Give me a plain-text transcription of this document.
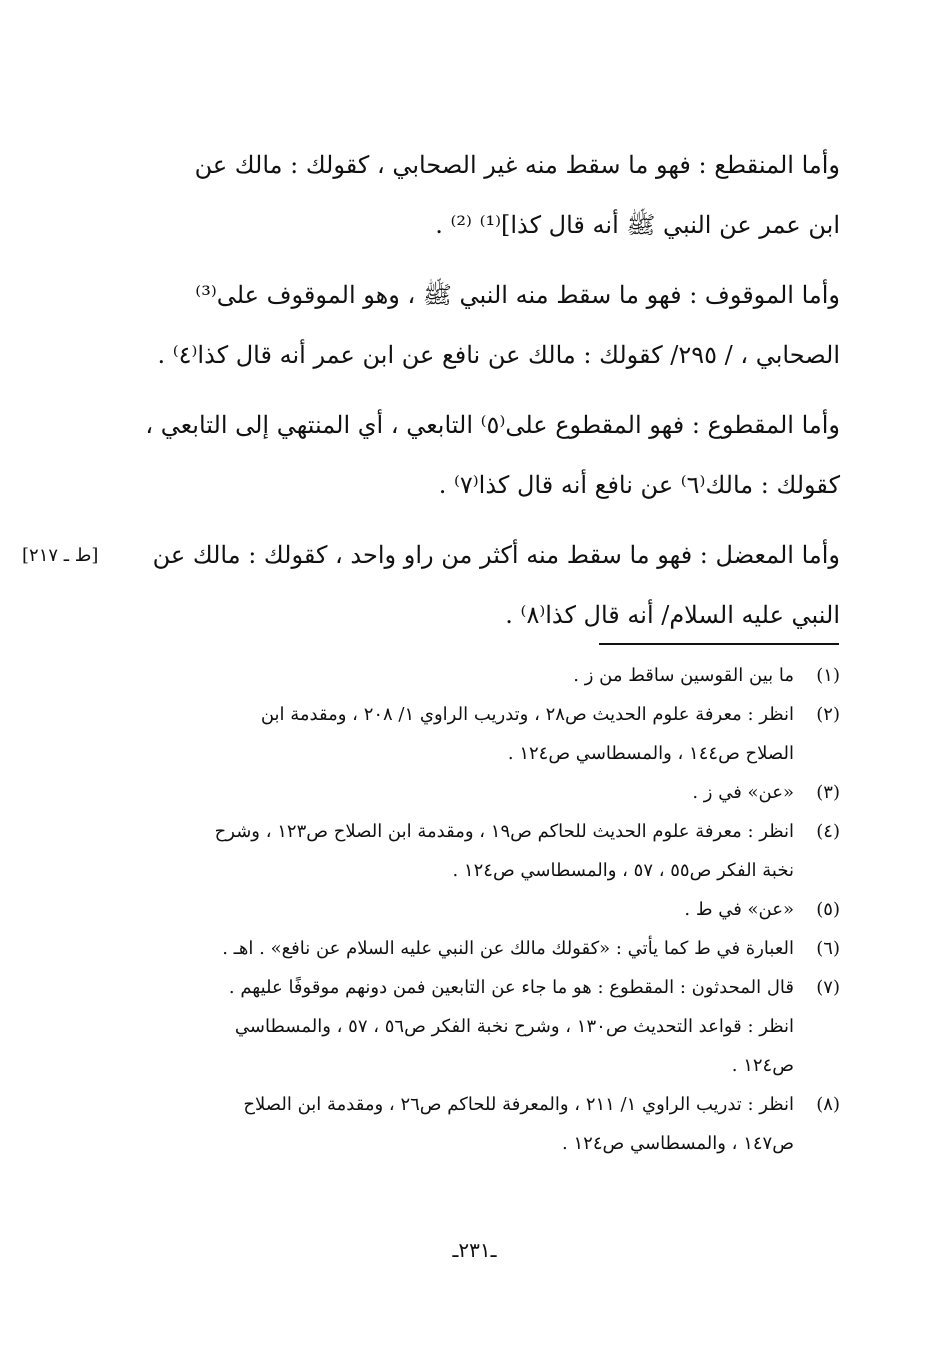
وأما المنقطع : فهو ما سقط منه غير الصحابي ، كقولك : مالك عن

ابن عمر عن النبي ﷺ أنه قال كذا]⁽¹⁾ ⁽²⁾ .

وأما الموقوف : فهو ما سقط منه النبي ﷺ ، وهو الموقوف على⁽³⁾

الصحابي ، / ٢٩٥/ كقولك : مالك عن نافع عن ابن عمر أنه قال كذا⁽٤⁾ .

وأما المقطوع : فهو المقطوع على⁽٥⁾ التابعي ، أي المنتهي إلى التابعي ،

كقولك : مالك⁽٦⁾ عن نافع أنه قال كذا⁽٧⁾ .

وأما المعضل : فهو ما سقط منه أكثر من راو واحد ، كقولك : مالك عن

النبي عليه السلام/ أنه قال كذا⁽٨⁾ .

[ط ـ ٢١٧]
(١)
ما بين القوسين ساقط من ز .
(٢)
انظر : معرفة علوم الحديث ص٢٨ ، وتدريب الراوي ١/ ٢٠٨ ، ومقدمة ابن
الصلاح ص١٤٤ ، والمسطاسي ص١٢٤ .
(٣)
«عن» في ز .
(٤)
انظر : معرفة علوم الحديث للحاكم ص١٩ ، ومقدمة ابن الصلاح ص١٢٣ ، وشرح
نخبة الفكر ص٥٥ ، ٥٧ ، والمسطاسي ص١٢٤ .
(٥)
«عن» في ط .
(٦)
العبارة في ط كما يأتي : «كقولك مالك عن النبي عليه السلام عن نافع» . اهـ .
(٧)
قال المحدثون : المقطوع : هو ما جاء عن التابعين فمن دونهم موقوفًا عليهم .
انظر : قواعد التحديث ص١٣٠ ، وشرح نخبة الفكر ص٥٦ ، ٥٧ ، والمسطاسي
ص١٢٤ .
(٨)
انظر : تدريب الراوي ١/ ٢١١ ، والمعرفة للحاكم ص٢٦ ، ومقدمة ابن الصلاح
ص١٤٧ ، والمسطاسي ص١٢٤ .
ـ٢٣١ـ
